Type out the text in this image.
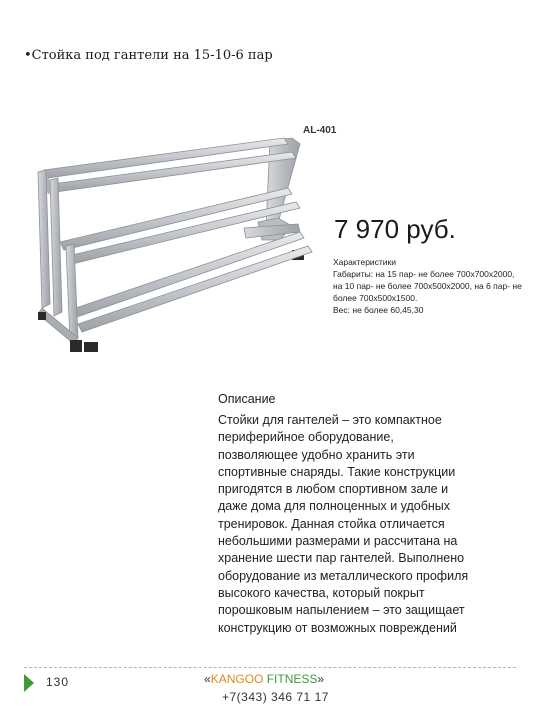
•Стойка под гантели на 15-10-6 пар
AL-401
7 970 руб.
Характеристики
Габариты: на 15 пар- не более 700х700х2000,
на 10 пар- не более 700х500х2000, на 6 пар- не
более 700х500х1500.
Вес: не более 60,45,30
Описание
Стойки для гантелей – это компактное
периферийное оборудование,
позволяющее удобно хранить эти
спортивные снаряды. Такие конструкции
пригодятся в любом спортивном зале и
даже дома для полноценных и удобных
тренировок. Данная стойка отличается
небольшими размерами и рассчитана на
хранение шести пар гантелей. Выполнено
оборудование из металлического профиля
высокого качества, который покрыт
порошковым напылением – это защищает
конструкцию от возможных повреждений
130	«KANGOO FITNESS»
+7(343) 346 71 17
